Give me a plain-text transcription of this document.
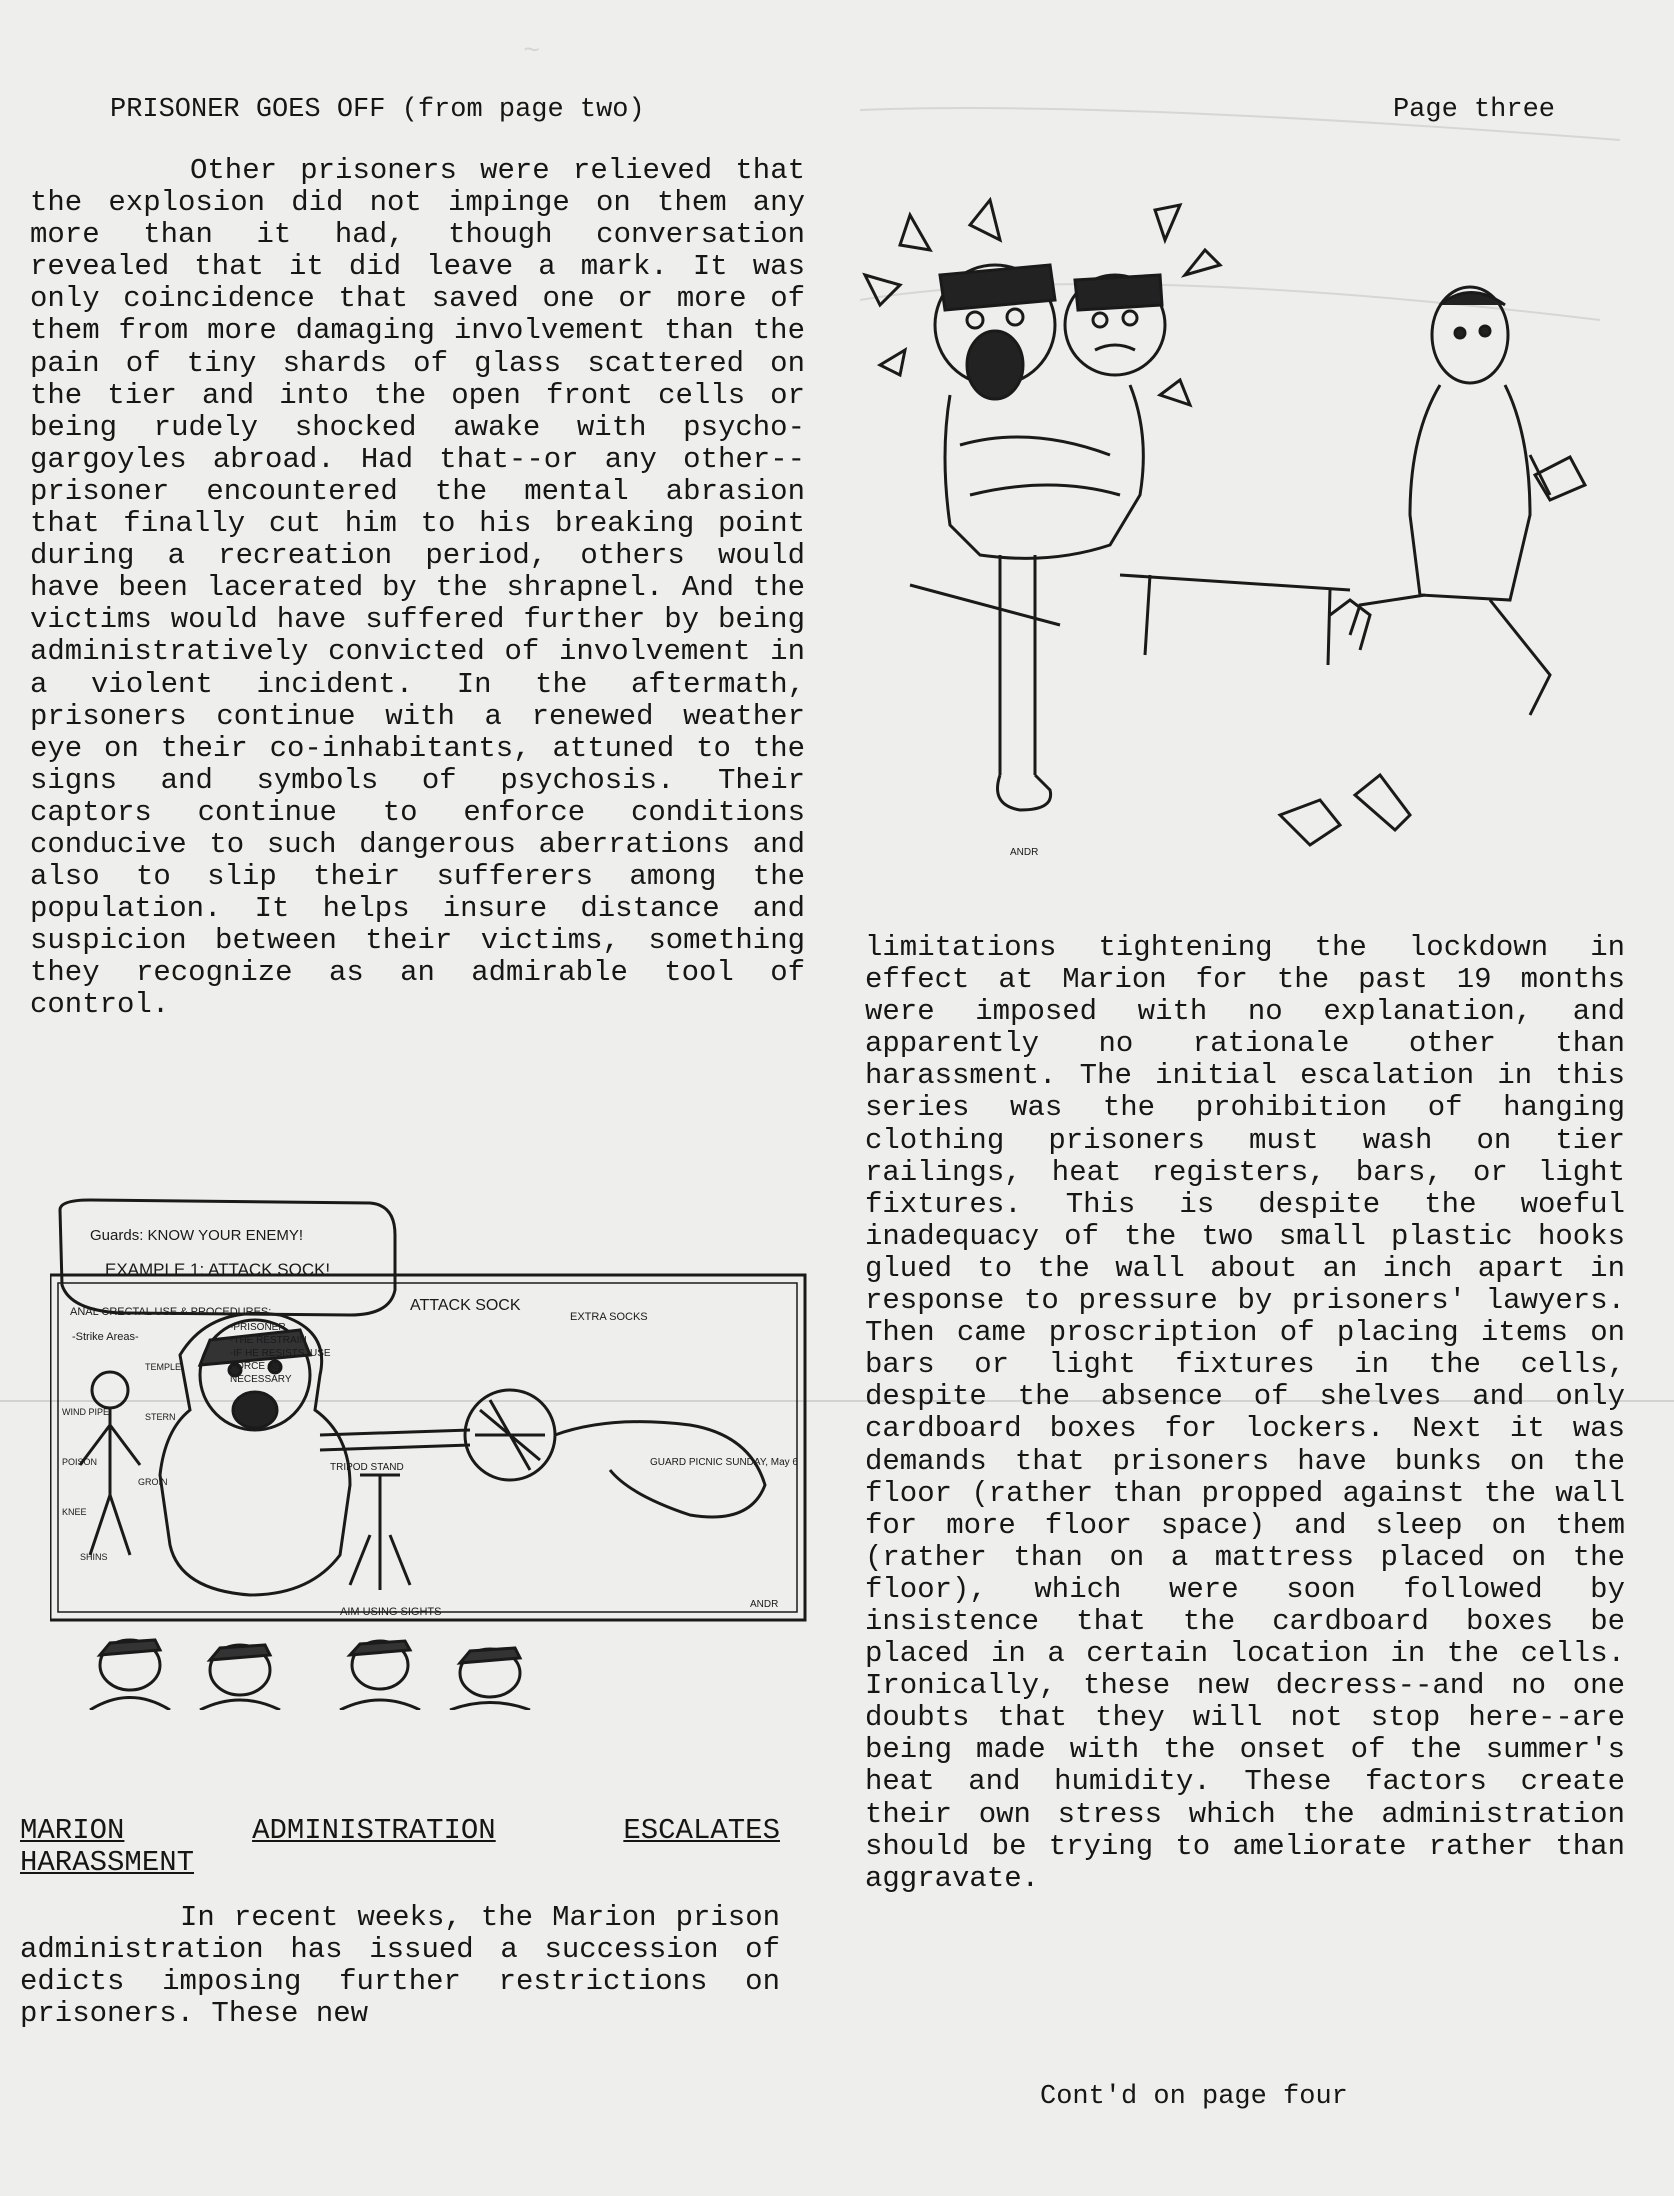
~
PRISONER GOES OFF (from page two)

Other prisoners were relieved that the explosion did not impinge on them any more than it had, though conversation revealed that it did leave a mark. It was only coincidence that saved one or more of them from more damaging involvement than the pain of tiny shards of glass scattered on the tier and into the open front cells or being rudely shocked awake with psycho-gargoyles abroad. Had that--or any other--prisoner encountered the mental abrasion that finally cut him to his breaking point during a recreation period, others would have been lacerated by the shrapnel. And the victims would have suffered further by being administratively convicted of involvement in a violent incident. In the aftermath, prisoners continue with a renewed weather eye on their co-inhabitants, attuned to the signs and symbols of psychosis. Their captors continue to enforce conditions conducive to such dangerous aberrations and also to slip their sufferers among the population. It helps insure distance and suspicion between their victims, something they recognize as an admirable tool of control.

Guards: KNOW YOUR ENEMY!
EXAMPLE 1: ATTACK SOCK!
ANAL CRECTAL USE & PROCEDURES:
-PRISONER
-THE RESTRAIN
-IF HE RESISTS, USE
FORCE AS
NECESSARY
-Strike Areas-
WIND PIPE
TEMPLE
STERN
GROIN
KNEE
SHINS
POISON
ATTACK SOCK
EXTRA SOCKS
TRIPOD STAND	GUARD PICNIC SUNDAY, May 6
AIM USING SIGHTS
ANDR
MARION	ADMINISTRATION	ESCALATES
HARASSMENT

In recent weeks, the Marion prison administration has issued a succession of edicts imposing further restrictions on prisoners. These new

Page three
ANDR

limitations tightening the lockdown in effect at Marion for the past 19 months were imposed with no explanation, and apparently no rationale other than harassment. The initial escalation in this series was the prohibition of hanging clothing prisoners must wash on tier railings, heat registers, bars, or light fixtures. This is despite the woeful inadequacy of the two small plastic hooks glued to the wall about an inch apart in response to pressure by prisoners' lawyers. Then came proscription of placing items on bars or light fixtures in the cells, despite the absence of shelves and only cardboard boxes for lockers. Next it was demands that prisoners have bunks on the floor (rather than propped against the wall for more floor space) and sleep on them (rather than on a mattress placed on the floor), which were soon followed by insistence that the cardboard boxes be placed in a certain location in the cells. Ironically, these new decress--and no one doubts that they will not stop here--are being made with the onset of the summer's heat and humidity. These factors create their own stress which the administration should be trying to ameliorate rather than aggravate.

Cont'd on page four
